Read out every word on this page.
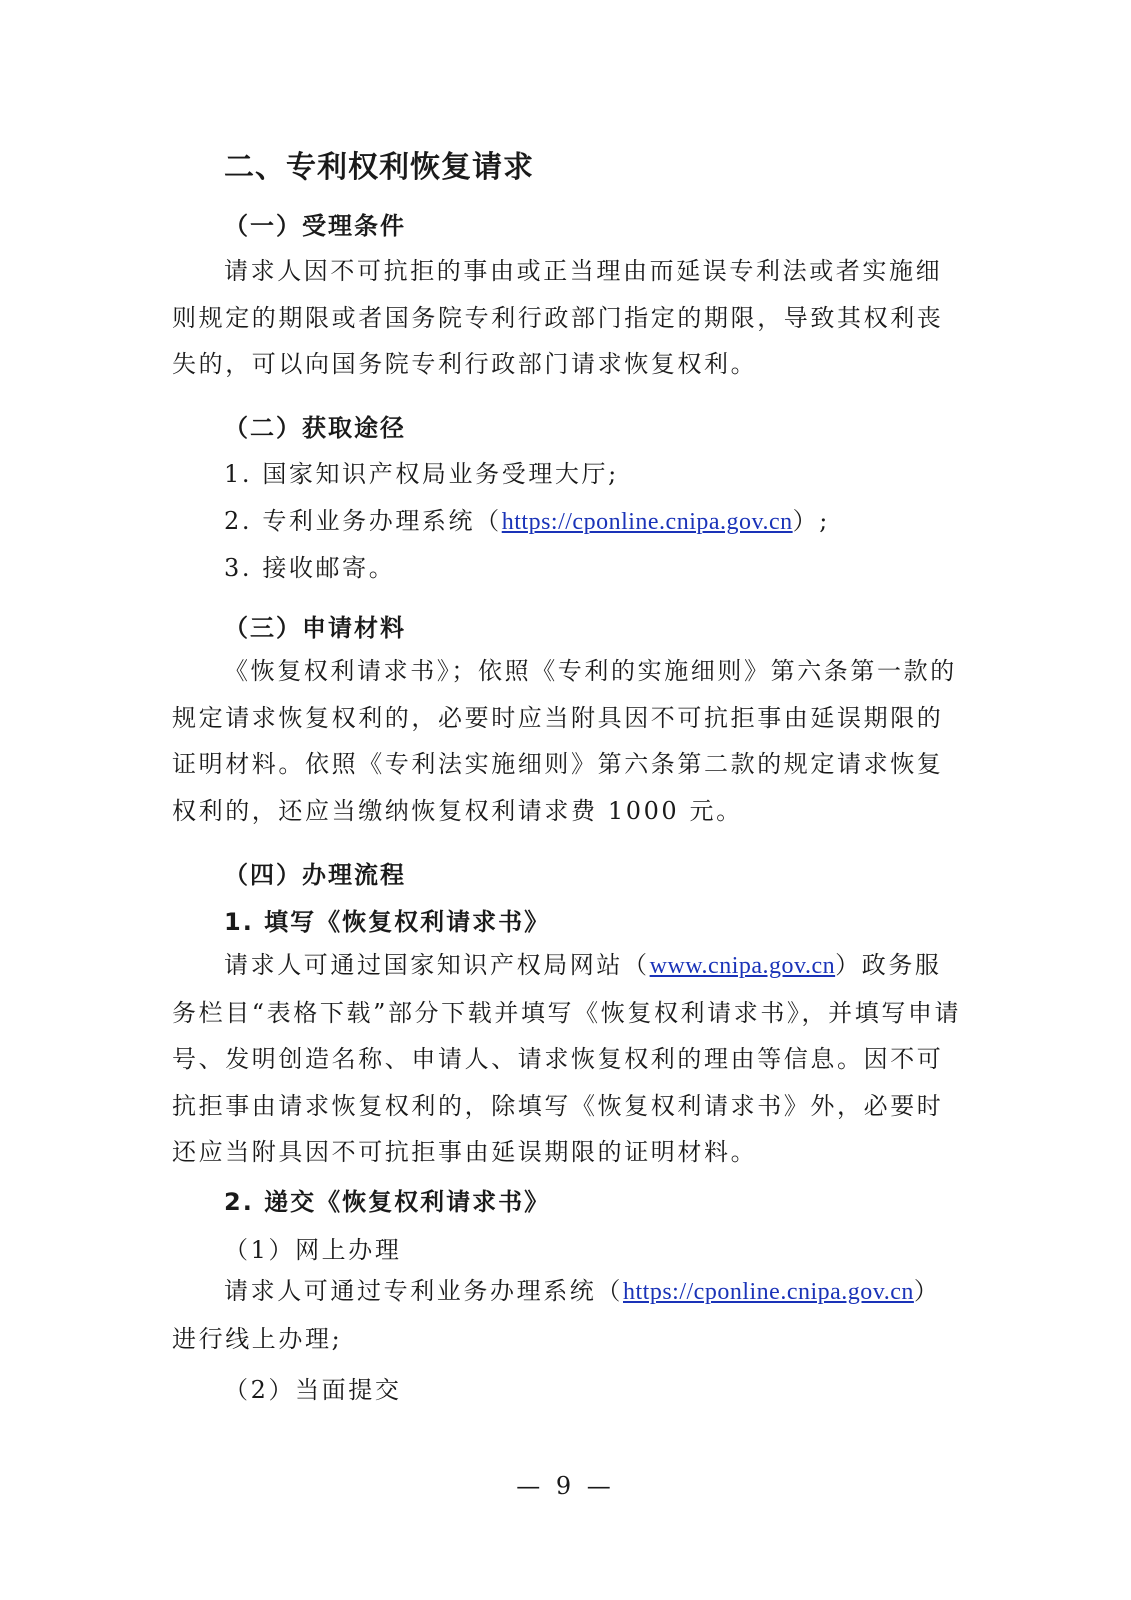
二、专利权利恢复请求
（一）受理条件
请求人因不可抗拒的事由或正当理由而延误专利法或者实施细则规定的期限或者国务院专利行政部门指定的期限，导致其权利丧失的，可以向国务院专利行政部门请求恢复权利。
（二）获取途径
1. 国家知识产权局业务受理大厅;
2. 专利业务办理系统（https://cponline.cnipa.gov.cn）;
3. 接收邮寄。
（三）申请材料
《恢复权利请求书》；依照《专利的实施细则》第六条第一款的规定请求恢复权利的，必要时应当附具因不可抗拒事由延误期限的证明材料。依照《专利法实施细则》第六条第二款的规定请求恢复权利的，还应当缴纳恢复权利请求费 1000 元。
（四）办理流程
1. 填写《恢复权利请求书》
请求人可通过国家知识产权局网站（www.cnipa.gov.cn）政务服务栏目“表格下载”部分下载并填写《恢复权利请求书》，并填写申请号、发明创造名称、申请人、请求恢复权利的理由等信息。因不可抗拒事由请求恢复权利的，除填写《恢复权利请求书》外，必要时还应当附具因不可抗拒事由延误期限的证明材料。
2. 递交《恢复权利请求书》
（1）网上办理
请求人可通过专利业务办理系统（https://cponline.cnipa.gov.cn）进行线上办理;
（2）当面提交
— 9 —
